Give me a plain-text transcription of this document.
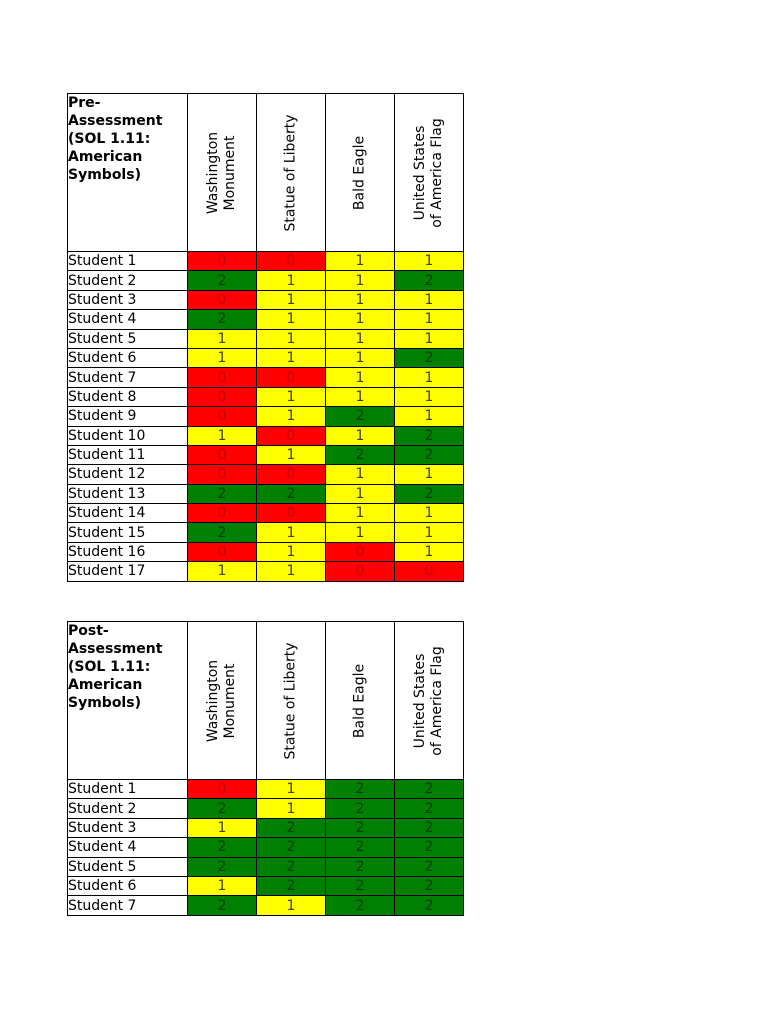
Pre-
Assessment
(SOL 1.11:
American
Symbols)	Washington
Monument	Statue of Liberty	Bald Eagle	United States
of America Flag

Student 1	0	0	1	1
Student 2	2	1	1	2
Student 3	0	1	1	1
Student 4	2	1	1	1
Student 5	1	1	1	1
Student 6	1	1	1	2
Student 7	0	0	1	1
Student 8	0	1	1	1
Student 9	0	1	2	1
Student 10	1	0	1	2
Student 11	0	1	2	2
Student 12	0	0	1	1
Student 13	2	2	1	2
Student 14	0	0	1	1
Student 15	2	1	1	1
Student 16	0	1	0	1
Student 17	1	1	0	0
Post-
Assessment
(SOL 1.11:
American
Symbols)	Washington
Monument	Statue of Liberty	Bald Eagle	United States
of America Flag

Student 1	0	1	2	2
Student 2	2	1	2	2
Student 3	1	2	2	2
Student 4	2	2	2	2
Student 5	2	2	2	2
Student 6	1	2	2	2
Student 7	2	1	2	2
